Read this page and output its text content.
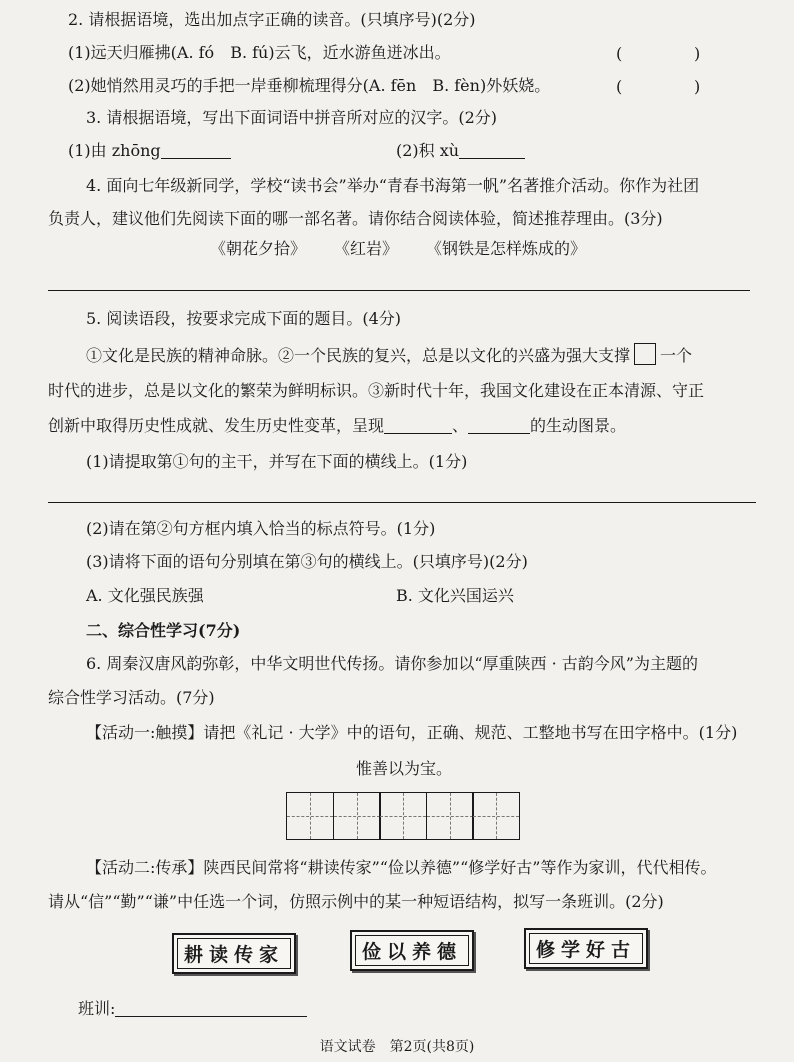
2. 请根据语境，选出加点字正确的读音。(只填序号)(2分)
(1)远天归雁拂(A. fó　B. fú)云飞，近水游鱼迸冰出。	(	)
(2)她悄然用灵巧的手把一岸垂柳梳理得分(A. fēn　B. fèn)外妖娆。	(	)
3. 请根据语境，写出下面词语中拼音所对应的汉字。(2分)
(1)由 zhōng	(2)积 xù
4. 面向七年级新同学，学校“读书会”举办“青春书海第一帆”名著推介活动。你作为社团
负责人，建议他们先阅读下面的哪一部名著。请你结合阅读体验，简述推荐理由。(3分)
《朝花夕拾》 《红岩》 《钢铁是怎样炼成的》
5. 阅读语段，按要求完成下面的题目。(4分)
①文化是民族的精神命脉。②一个民族的复兴，总是以文化的兴盛为强大支撑 一个
时代的进步，总是以文化的繁荣为鲜明标识。③新时代十年，我国文化建设在正本清源、守正
创新中取得历史性成就、发生历史性变革，呈现	、	的生动图景。
(1)请提取第①句的主干，并写在下面的横线上。(1分)
(2)请在第②句方框内填入恰当的标点符号。(1分)
(3)请将下面的语句分别填在第③句的横线上。(只填序号)(2分)
A. 文化强民族强	B. 文化兴国运兴
二、综合性学习(7分)
6. 周秦汉唐风韵弥彰，中华文明世代传扬。请你参加以“厚重陕西 · 古韵今风”为主题的
综合性学习活动。(7分)
【活动一:触摸】请把《礼记 · 大学》中的语句，正确、规范、工整地书写在田字格中。(1分)
惟善以为宝。
【活动二:传承】陕西民间常将“耕读传家”“俭以养德”“修学好古”等作为家训，代代相传。
请从“信”“勤”“谦”中任选一个词，仿照示例中的某一种短语结构，拟写一条班训。(2分)
耕读传家	俭以养德	修学好古
班训:
语文试卷　第2页(共8页)
